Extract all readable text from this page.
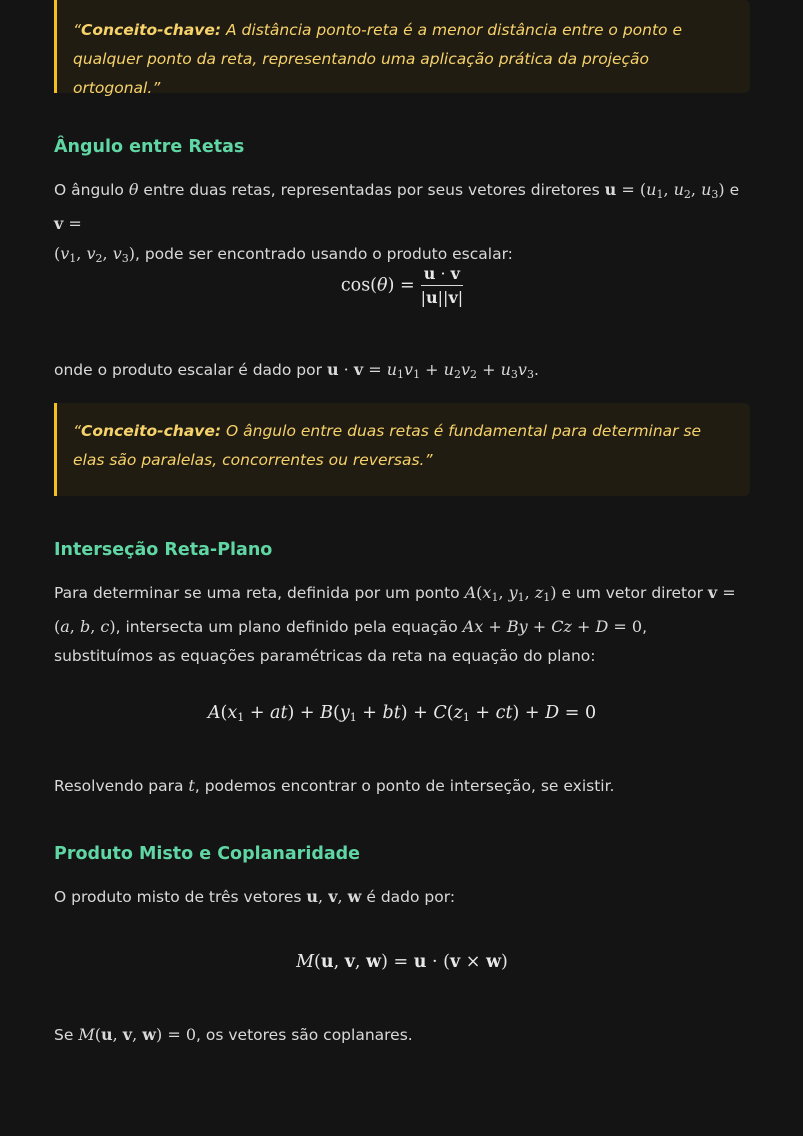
“Conceito-chave: A distância ponto-reta é a menor distância entre o ponto e qualquer ponto da reta, representando uma aplicação prática da projeção ortogonal.”
Ângulo entre Retas

O ângulo θ entre duas retas, representadas por seus vetores diretores $u = (u_1$, $u_2$, $u_3$) e v =
($v_1$, $v_2$, $v_3$), pode ser encontrado usando o produto escalar:

$\cos(\theta) = \frac{u \cdot v}{|u||v|}$

onde o produto escalar é dado por $u \cdot v = u_1v_1 + u_2v_2 + u_3v_3$.

“Conceito-chave: O ângulo entre duas retas é fundamental para determinar se elas são paralelas, concorrentes ou reversas.”
Interseção Reta-Plano

Para determinar se uma reta, definida por um ponto $A(x_1$, $y_1$, $z_1$) e um vetor diretor v =
(a, b, c), intersecta um plano definido pela equação Ax + By + Cz + D = 0, substituímos as equações paramétricas da reta na equação do plano:

$A(x_1 + at) + B(y_1 + bt) + C(z_1 + ct) + D = 0$

Resolvendo para t, podemos encontrar o ponto de interseção, se existir.

Produto Misto e Coplanaridade

O produto misto de três vetores u, v, w é dado por:

M(u, v, w) = u · (v × w)

Se M(u, v, w) = 0, os vetores são coplanares.
